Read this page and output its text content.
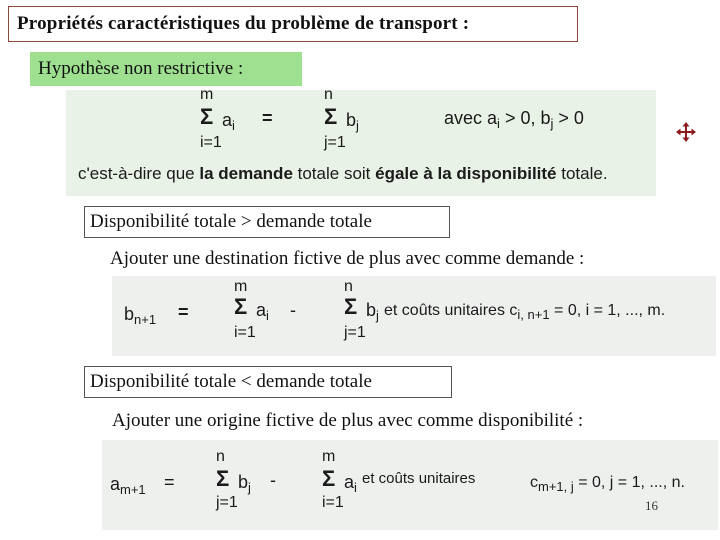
Propriétés caractéristiques du problème de transport :
Hypothèse non restrictive :
m
Σ $a_i$
i=1
=
n
Σ $b_j$
j=1
avec $a_i > 0$, $b_j > 0$
c'est-à-dire que la demande totale soit égale à la disponibilité totale.
Disponibilité totale > demande totale
Ajouter une destination fictive de plus avec comme demande :
$b_{n+1}$ =
m
Σ $a_i$
i=1
-
n
Σ $b_j$
j=1
et coûts unitaires $c_{i, n+1} = 0$, i = 1, ..., m.
Disponibilité totale < demande totale
Ajouter une origine fictive de plus avec comme disponibilité :
$a_{m+1}$ =
n
Σ $b_j$
j=1
-
m
Σ $a_i$
i=1
et coûts unitaires	$c_{m+1, j} = 0$, j = 1, ..., n.
16
